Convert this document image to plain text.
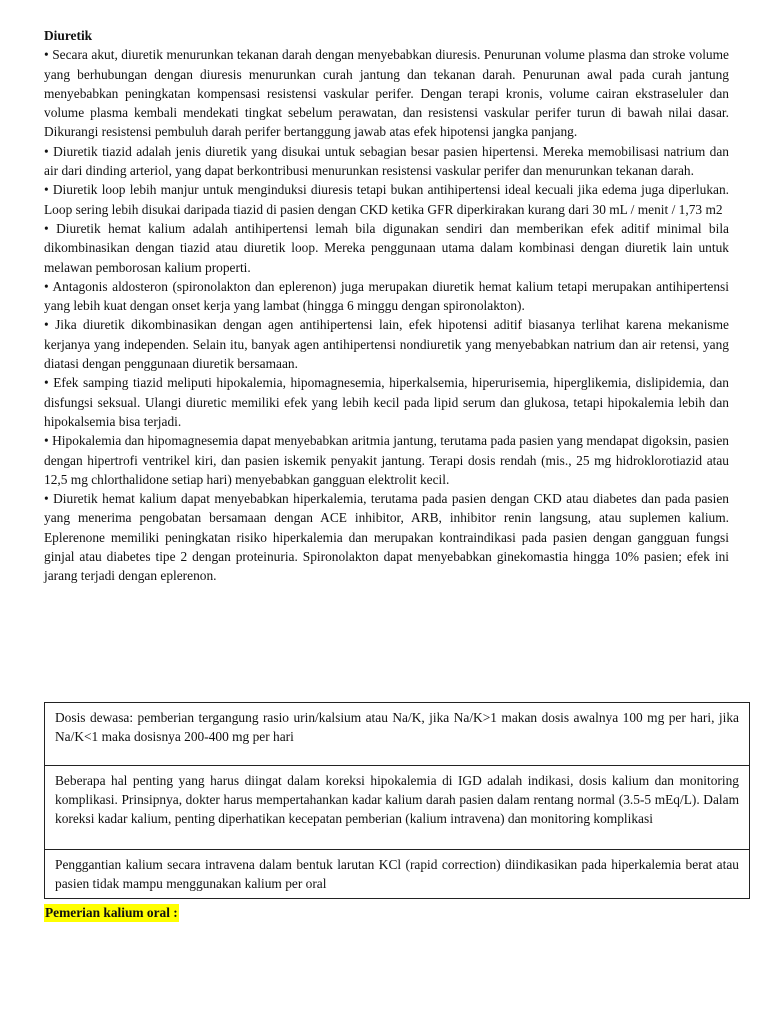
Diuretik

• Secara akut, diuretik menurunkan tekanan darah dengan menyebabkan diuresis. Penurunan volume plasma dan stroke volume yang berhubungan dengan diuresis menurunkan curah jantung dan tekanan darah. Penurunan awal pada curah jantung menyebabkan peningkatan kompensasi resistensi vaskular perifer. Dengan terapi kronis, volume cairan ekstraseluler dan volume plasma kembali mendekati tingkat sebelum perawatan, dan resistensi vaskular perifer turun di bawah nilai dasar. Dikurangi resistensi pembuluh darah perifer bertanggung jawab atas efek hipotensi jangka panjang.

• Diuretik tiazid adalah jenis diuretik yang disukai untuk sebagian besar pasien hipertensi. Mereka memobilisasi natrium dan air dari dinding arteriol, yang dapat berkontribusi menurunkan resistensi vaskular perifer dan menurunkan tekanan darah.

• Diuretik loop lebih manjur untuk menginduksi diuresis tetapi bukan antihipertensi ideal kecuali jika edema juga diperlukan. Loop sering lebih disukai daripada tiazid di pasien dengan CKD ketika GFR diperkirakan kurang dari 30 mL / menit / 1,73 m2

• Diuretik hemat kalium adalah antihipertensi lemah bila digunakan sendiri dan memberikan efek aditif minimal bila dikombinasikan dengan tiazid atau diuretik loop. Mereka penggunaan utama dalam kombinasi dengan diuretik lain untuk melawan pemborosan kalium properti.

• Antagonis aldosteron (spironolakton dan eplerenon) juga merupakan diuretik hemat kalium tetapi merupakan antihipertensi yang lebih kuat dengan onset kerja yang lambat (hingga 6 minggu dengan spironolakton).

• Jika diuretik dikombinasikan dengan agen antihipertensi lain, efek hipotensi aditif biasanya terlihat karena mekanisme kerjanya yang independen. Selain itu, banyak agen antihipertensi nondiuretik yang menyebabkan natrium dan air retensi, yang diatasi dengan penggunaan diuretik bersamaan.

• Efek samping tiazid meliputi hipokalemia, hipomagnesemia, hiperkalsemia, hiperurisemia, hiperglikemia, dislipidemia, dan disfungsi seksual. Ulangi diuretic memiliki efek yang lebih kecil pada lipid serum dan glukosa, tetapi hipokalemia lebih dan hipokalsemia bisa terjadi.

• Hipokalemia dan hipomagnesemia dapat menyebabkan aritmia jantung, terutama pada pasien yang mendapat digoksin, pasien dengan hipertrofi ventrikel kiri, dan pasien iskemik penyakit jantung. Terapi dosis rendah (mis., 25 mg hidroklorotiazid atau 12,5 mg chlorthalidone setiap hari) menyebabkan gangguan elektrolit kecil.

• Diuretik hemat kalium dapat menyebabkan hiperkalemia, terutama pada pasien dengan CKD atau diabetes dan pada pasien yang menerima pengobatan bersamaan dengan ACE inhibitor, ARB, inhibitor renin langsung, atau suplemen kalium. Eplerenone memiliki peningkatan risiko hiperkalemia dan merupakan kontraindikasi pada pasien dengan gangguan fungsi ginjal atau diabetes tipe 2 dengan proteinuria. Spironolakton dapat menyebabkan ginekomastia hingga 10% pasien; efek ini jarang terjadi dengan eplerenon.

Dosis dewasa: pemberian tergangung rasio urin/kalsium atau Na/K, jika Na/K>1 makan dosis awalnya 100 mg per hari, jika Na/K<1 maka dosisnya 200-400 mg per hari
Beberapa hal penting yang harus diingat dalam koreksi hipokalemia di IGD adalah indikasi, dosis kalium dan monitoring komplikasi. Prinsipnya, dokter harus mempertahankan kadar kalium darah pasien dalam rentang normal (3.5-5 mEq/L). Dalam koreksi kadar kalium, penting diperhatikan kecepatan pemberian (kalium intravena) dan monitoring komplikasi
Penggantian kalium secara intravena dalam bentuk larutan KCl (rapid correction) diindikasikan pada hiperkalemia berat atau pasien tidak mampu menggunakan kalium per oral
Pemerian kalium oral :
